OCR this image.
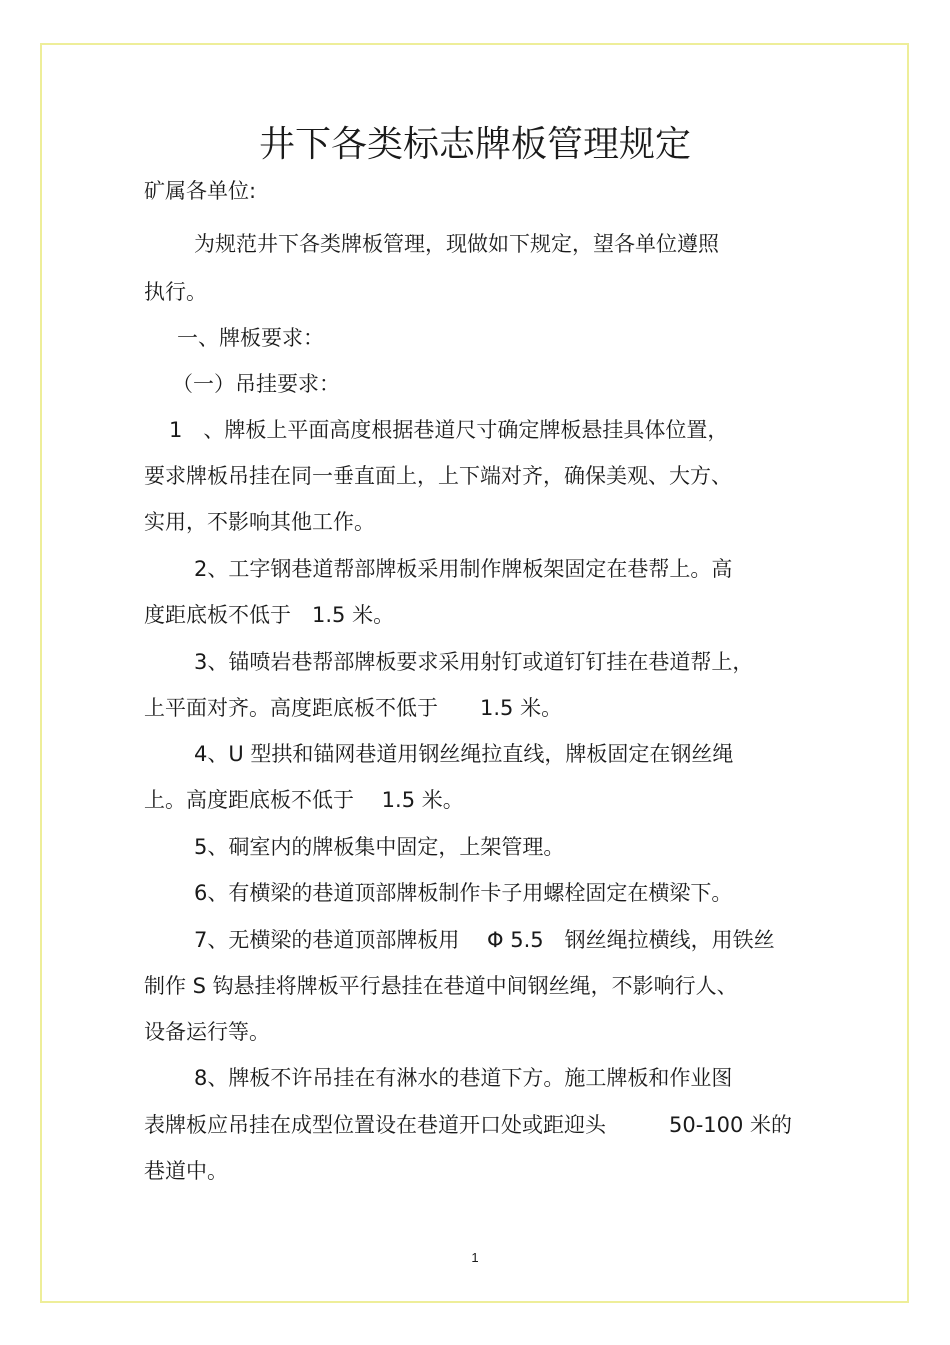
井下各类标志牌板管理规定
矿属各单位:
为规范井下各类牌板管理，现做如下规定，望各单位遵照
执行。
一、牌板要求：
（一）吊挂要求：
1　、牌板上平面高度根据巷道尺寸确定牌板悬挂具体位置，
要求牌板吊挂在同一垂直面上，上下端对齐，确保美观、大方、
实用，不影响其他工作。
2、工字钢巷道帮部牌板采用制作牌板架固定在巷帮上。高
度距底板不低于　1.5 米。
3、锚喷岩巷帮部牌板要求采用射钉或道钉钉挂在巷道帮上，
上平面对齐。高度距底板不低于　　1.5 米。
4、U 型拱和锚网巷道用钢丝绳拉直线，牌板固定在钢丝绳
上。高度距底板不低于　 1.5 米。
5、硐室内的牌板集中固定，上架管理。
6、有横梁的巷道顶部牌板制作卡子用螺栓固定在横梁下。
7、无横梁的巷道顶部牌板用　 Φ 5.5　钢丝绳拉横线，用铁丝
制作 S 钩悬挂将牌板平行悬挂在巷道中间钢丝绳，不影响行人、
设备运行等。
8、牌板不许吊挂在有淋水的巷道下方。施工牌板和作业图
表牌板应吊挂在成型位置设在巷道开口处或距迎头　　　50-100 米的
巷道中。
1
